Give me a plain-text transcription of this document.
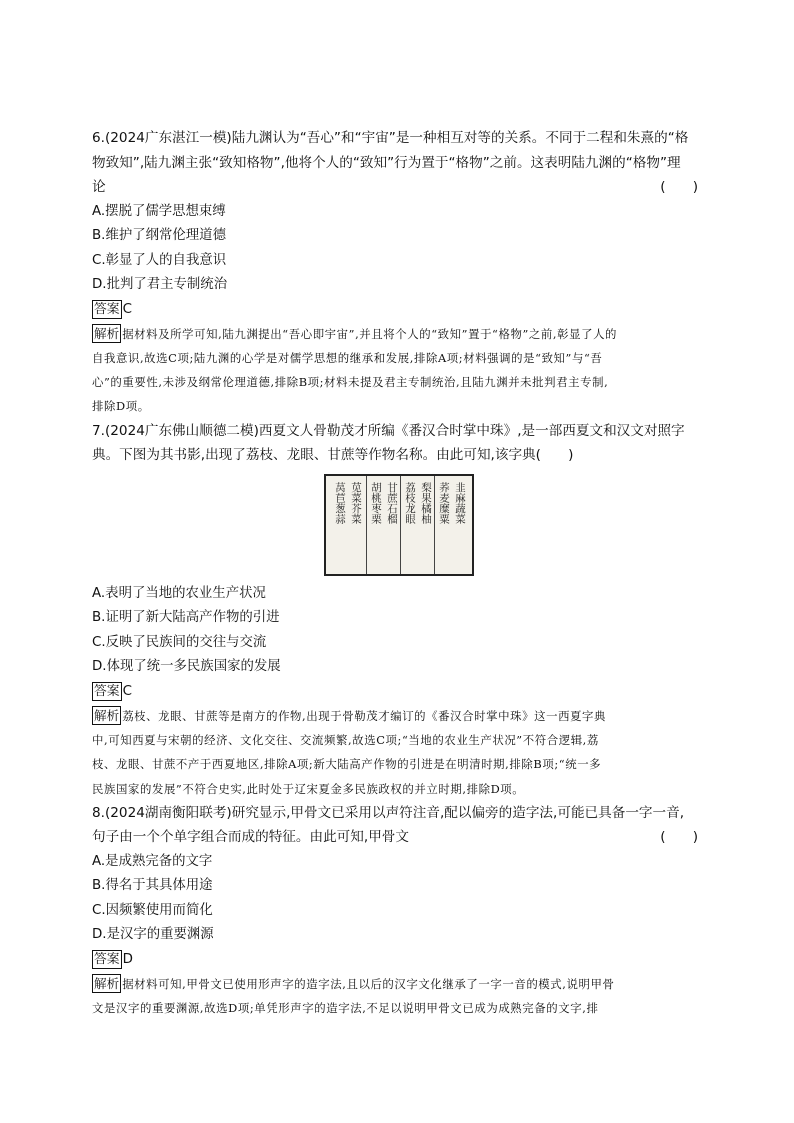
6.(2024广东湛江一模)陆九渊认为“吾心”和“宇宙”是一种相互对等的关系。不同于二程和朱熹的“格
物致知”,陆九渊主张“致知格物”,他将个人的“致知”行为置于“格物”之前。这表明陆九渊的“格物”理
论	(　　)
A.摆脱了儒学思想束缚
B.维护了纲常伦理道德
C.彰显了人的自我意识
D.批判了君主专制统治
答案 C
解析 据材料及所学可知,陆九渊提出“吾心即宇宙”,并且将个人的“致知”置于“格物”之前,彰显了人的
自我意识,故选C项;陆九渊的心学是对儒学思想的继承和发展,排除A项;材料强调的是“致知”与“吾
心”的重要性,未涉及纲常伦理道德,排除B项;材料未提及君主专制统治,且陆九渊并未批判君主专制,
排除D项。
7.(2024广东佛山顺德二模)西夏文人骨勒茂才所编《番汉合时掌中珠》,是一部西夏文和汉文对照字
典。下图为其书影,出现了荔枝、龙眼、甘蔗等作物名称。由此可知,该字典(　　)
韭麻蔬菜
荞麦糜粟
梨果橘柚
荔枝龙眼
甘蔗石榴
胡桃枣栗
苋菜芥菜
莴苣葱蒜
A.表明了当地的农业生产状况
B.证明了新大陆高产作物的引进
C.反映了民族间的交往与交流
D.体现了统一多民族国家的发展
答案 C
解析 荔枝、龙眼、甘蔗等是南方的作物,出现于骨勒茂才编订的《番汉合时掌中珠》这一西夏字典
中,可知西夏与宋朝的经济、文化交往、交流频繁,故选C项;“当地的农业生产状况”不符合逻辑,荔
枝、龙眼、甘蔗不产于西夏地区,排除A项;新大陆高产作物的引进是在明清时期,排除B项;“统一多
民族国家的发展”不符合史实,此时处于辽宋夏金多民族政权的并立时期,排除D项。
8.(2024湖南衡阳联考)研究显示,甲骨文已采用以声符注音,配以偏旁的造字法,可能已具备一字一音,
句子由一个个单字组合而成的特征。由此可知,甲骨文	(　　)
A.是成熟完备的文字
B.得名于其具体用途
C.因频繁使用而简化
D.是汉字的重要渊源
答案 D
解析 据材料可知,甲骨文已使用形声字的造字法,且以后的汉字文化继承了一字一音的模式,说明甲骨
文是汉字的重要渊源,故选D项;单凭形声字的造字法,不足以说明甲骨文已成为成熟完备的文字,排
